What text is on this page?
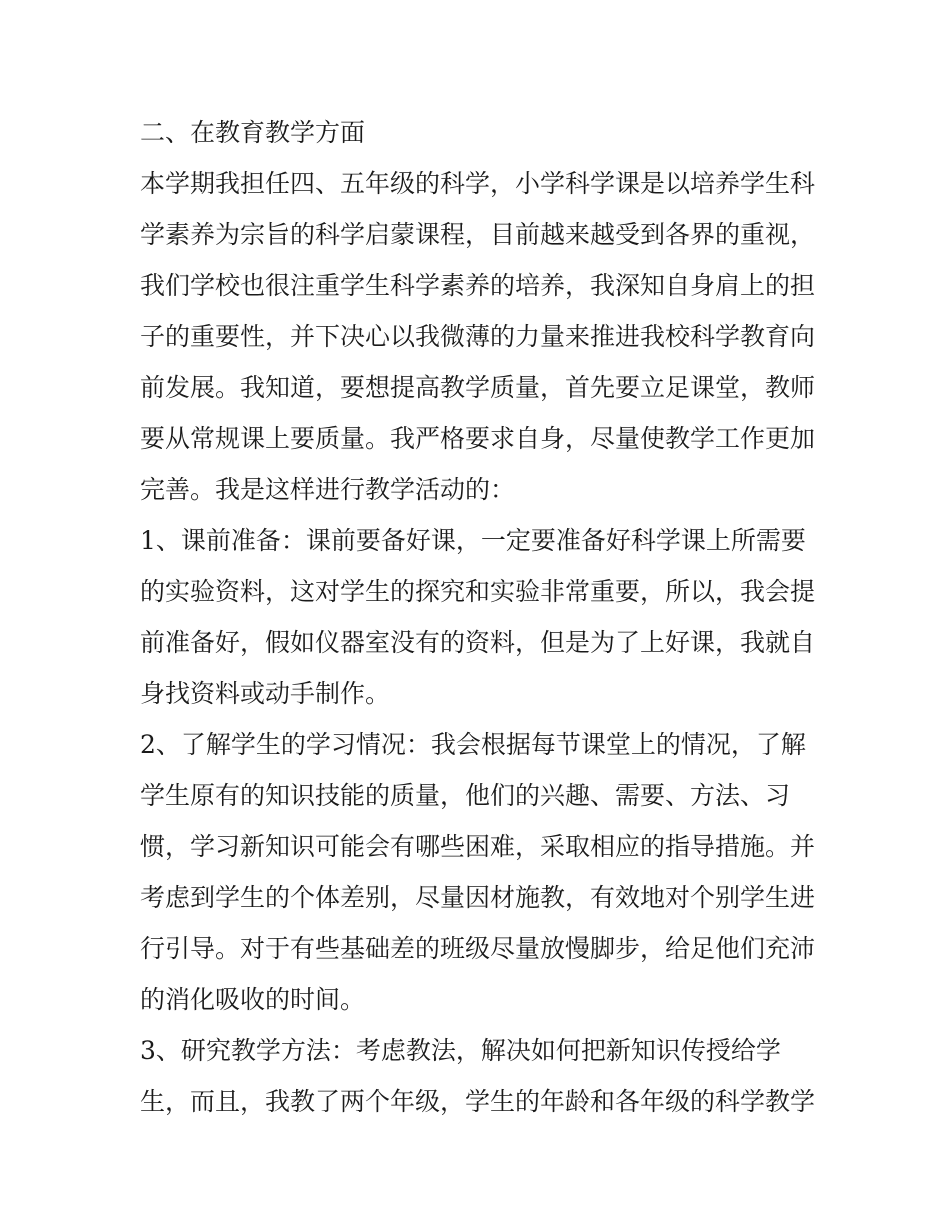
二、在教育教学方面
本学期我担任四、五年级的科学，小学科学课是以培养学生科
学素养为宗旨的科学启蒙课程，目前越来越受到各界的重视，
我们学校也很注重学生科学素养的培养，我深知自身肩上的担
子的重要性，并下决心以我微薄的力量来推进我校科学教育向
前发展。我知道，要想提高教学质量，首先要立足课堂，教师
要从常规课上要质量。我严格要求自身，尽量使教学工作更加
完善。我是这样进行教学活动的：
1、课前准备：课前要备好课，一定要准备好科学课上所需要
的实验资料，这对学生的探究和实验非常重要，所以，我会提
前准备好，假如仪器室没有的资料，但是为了上好课，我就自
身找资料或动手制作。
2、了解学生的学习情况：我会根据每节课堂上的情况，了解
学生原有的知识技能的质量，他们的兴趣、需要、方法、习
惯，学习新知识可能会有哪些困难，采取相应的指导措施。并
考虑到学生的个体差别，尽量因材施教，有效地对个别学生进
行引导。对于有些基础差的班级尽量放慢脚步，给足他们充沛
的消化吸收的时间。
3、研究教学方法：考虑教法，解决如何把新知识传授给学
生，而且，我教了两个年级，学生的年龄和各年级的科学教学
